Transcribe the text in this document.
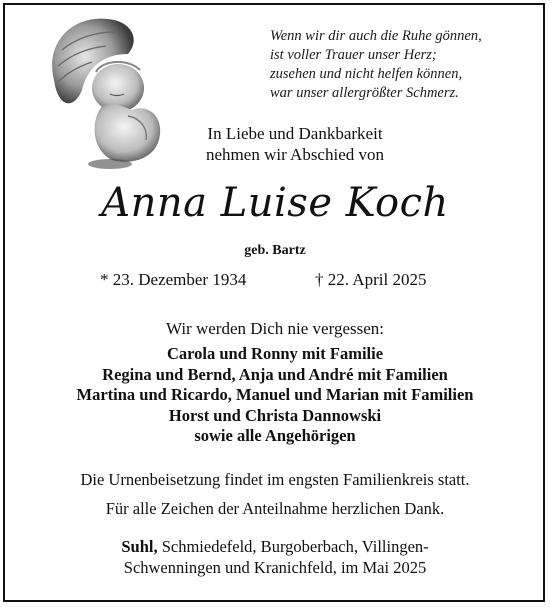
Wenn wir dir auch die Ruhe gönnen,
ist voller Trauer unser Herz;
zusehen und nicht helfen können,
war unser allergrößter Schmerz.
In Liebe und Dankbarkeit
nehmen wir Abschied von
Anna Luise Koch
geb. Bartz
* 23. Dezember 1934	† 22. April 2025
Wir werden Dich nie vergessen:
Carola und Ronny mit Familie
Regina und Bernd, Anja und André mit Familien
Martina und Ricardo, Manuel und Marian mit Familien
Horst und Christa Dannowski
sowie alle Angehörigen
Die Urnenbeisetzung findet im engsten Familienkreis statt.
Für alle Zeichen der Anteilnahme herzlichen Dank.
Suhl, Schmiedefeld, Burgoberbach, Villingen-
Schwenningen und Kranichfeld, im Mai 2025
